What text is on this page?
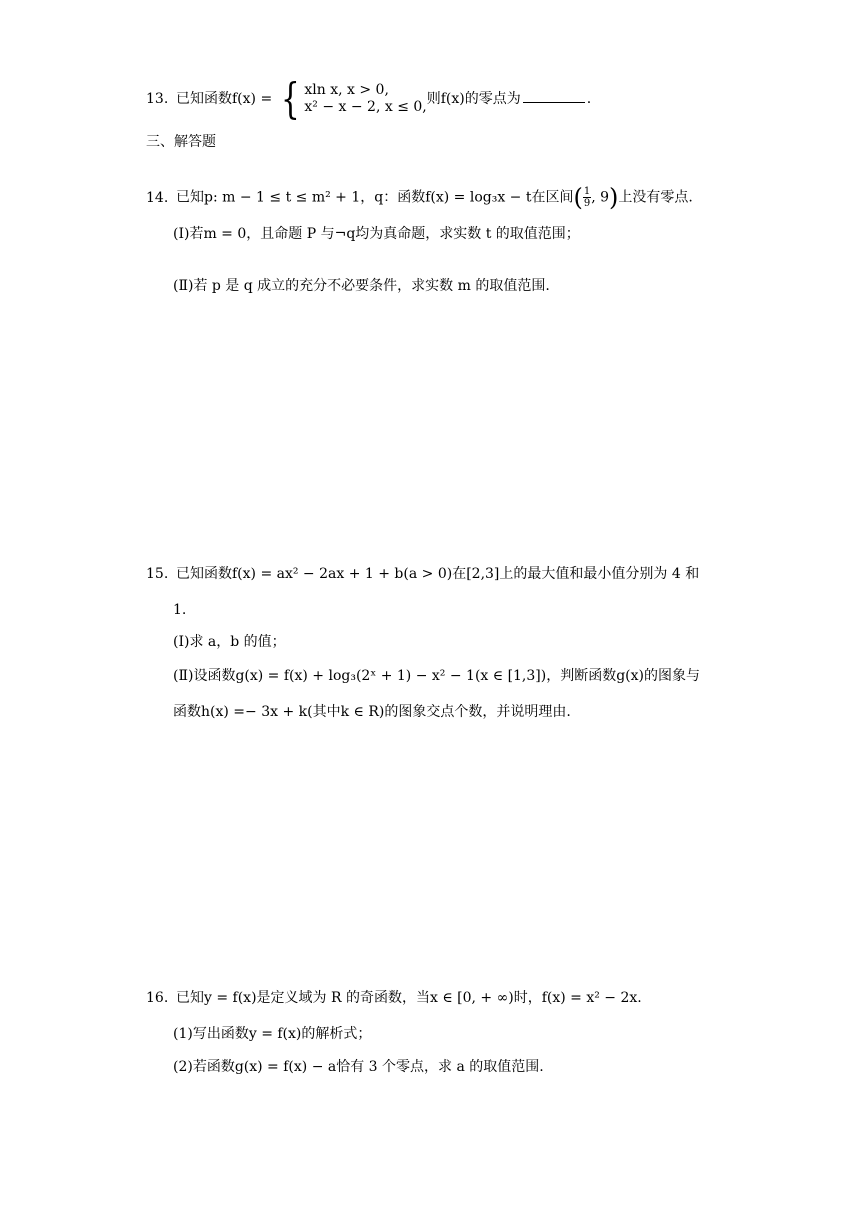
13. 已知函数f(x) = { xln x, x > 0,
x² − x − 2, x ≤ 0, 则f(x)的零点为	.
三、解答题
14. 已知p: m − 1 ≤ t ≤ m² + 1，q：函数f(x) = log₃x − t在区间( $\frac{1}{9}$ , 9)上没有零点.
(Ⅰ)若m = 0，且命题 P 与¬q均为真命题，求实数 t 的取值范围；
(Ⅱ)若 p 是 q 成立的充分不必要条件，求实数 m 的取值范围.
15. 已知函数f(x) = ax² − 2ax + 1 + b(a > 0)在[2,3]上的最大值和最小值分别为 4 和
1.
(Ⅰ)求 a，b 的值；
(Ⅱ)设函数g(x) = f(x) + log₃(2ˣ + 1) − x² − 1(x ∈ [1,3])，判断函数g(x)的图象与
函数h(x) =− 3x + k(其中k ∈ R)的图象交点个数，并说明理由.
16. 已知y = f(x)是定义域为 R 的奇函数，当x ∈ [0, + ∞)时，f(x) = x² − 2x.
(1)写出函数y = f(x)的解析式；
(2)若函数g(x) = f(x) − a恰有 3 个零点，求 a 的取值范围.
